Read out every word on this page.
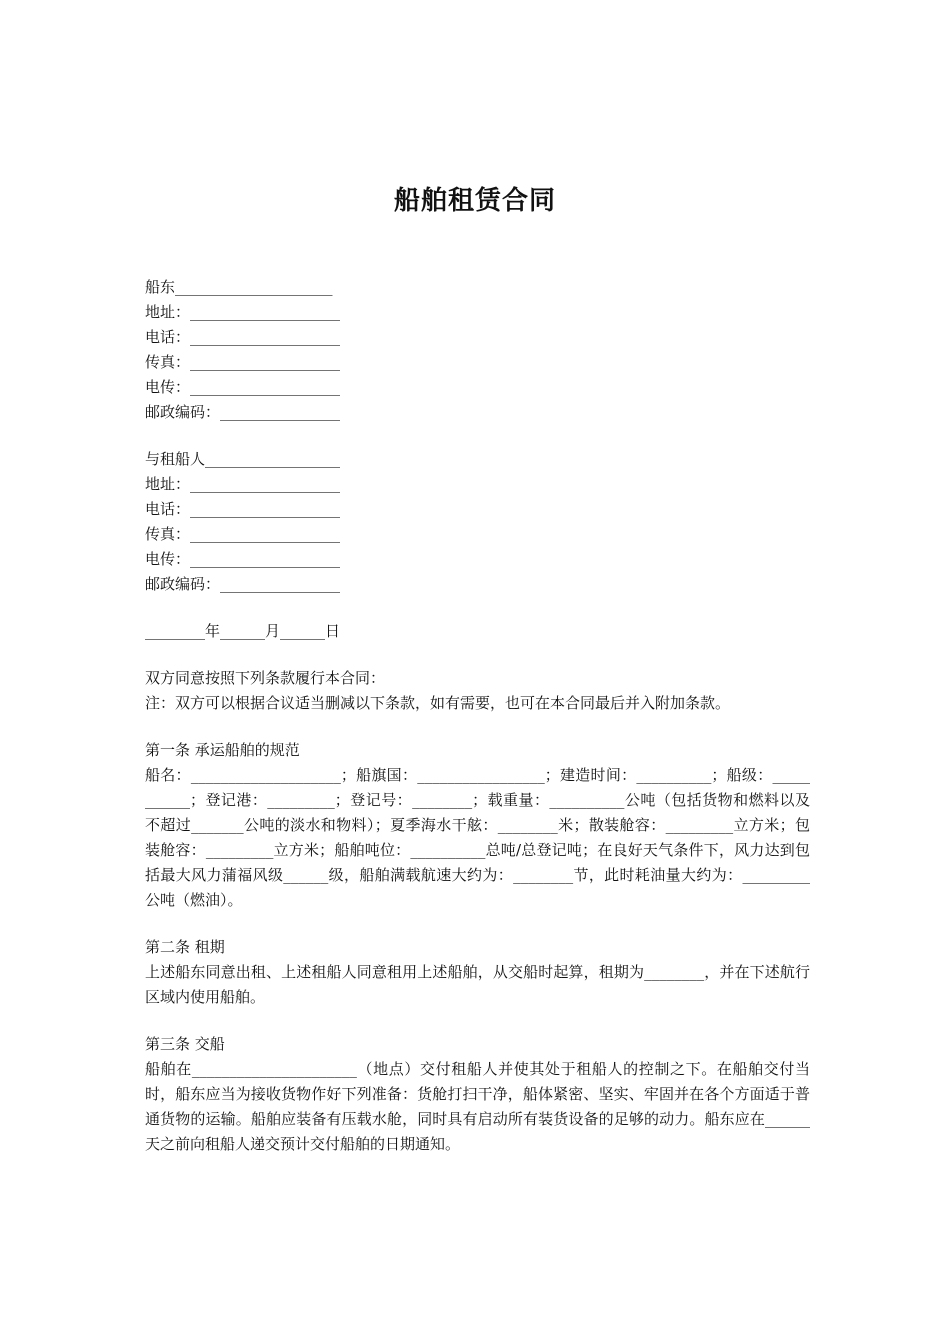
船舶租赁合同
船东_____________________
地址：____________________
电话：____________________
传真：____________________
电传：____________________
邮政编码：________________
与租船人__________________
地址：____________________
电话：____________________
传真：____________________
电传：____________________
邮政编码：________________
________年______月______日
双方同意按照下列条款履行本合同：
注：双方可以根据合议适当删减以下条款，如有需要，也可在本合同最后并入附加条款。
第一条 承运船舶的规范
船名：____________________；船旗国：_________________；建造时间：__________；船级：___________；登记港：_________；登记号：________；载重量：__________公吨（包括货物和燃料以及不超过_______公吨的淡水和物料）；夏季海水干舷：________米；散装舱容：_________立方米；包装舱容：_________立方米；船舶吨位：__________总吨/总登记吨；在良好天气条件下，风力达到包括最大风力蒲福风级______级，船舶满载航速大约为：________节，此时耗油量大约为：_________公吨（燃油）。
第二条 租期
上述船东同意出租、上述租船人同意租用上述船舶，从交船时起算，租期为________，并在下述航行区域内使用船舶。
第三条 交船
船舶在______________________（地点）交付租船人并使其处于租船人的控制之下。在船舶交付当时，船东应当为接收货物作好下列准备：货舱打扫干净，船体紧密、坚实、牢固并在各个方面适于普通货物的运输。船舶应装备有压载水舱，同时具有启动所有装货设备的足够的动力。船东应在______天之前向租船人递交预计交付船舶的日期通知。
